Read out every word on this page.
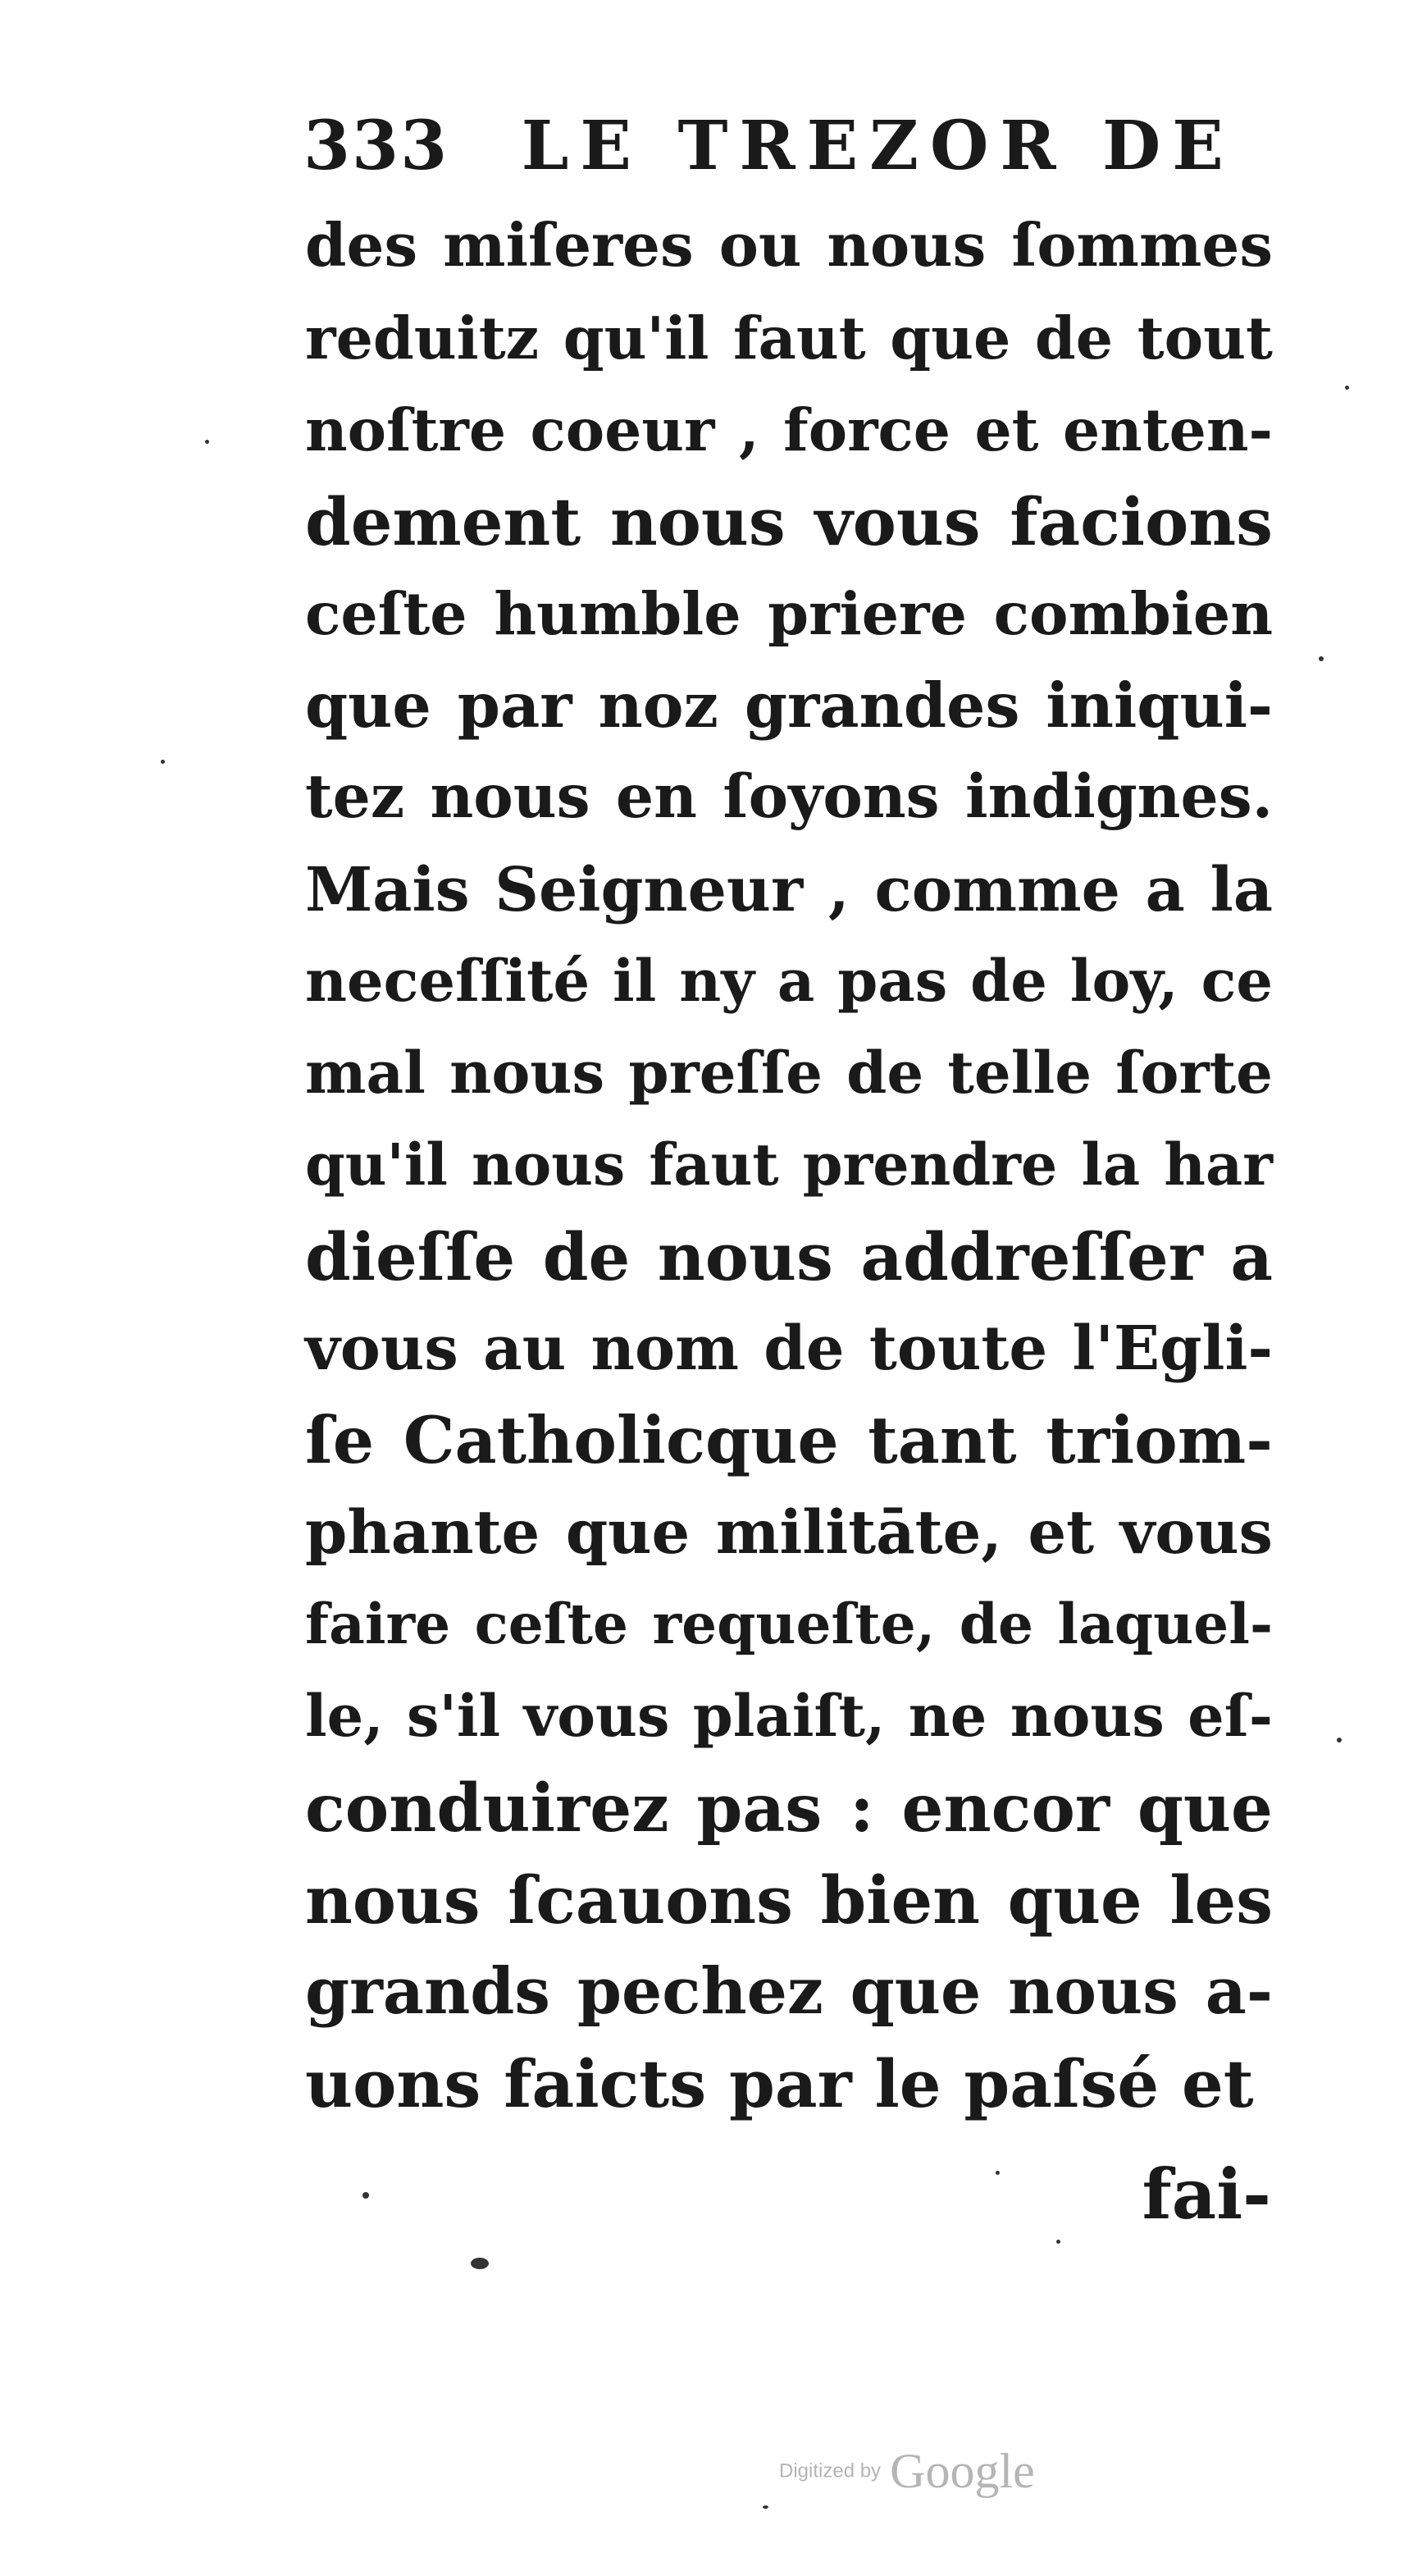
333 LE TREZOR DE
des miſeres ou nous ſommes
reduitz qu'il faut que de tout
noſtre coeur , force et enten-
dement nous vous facions
ceſte humble priere combien
que par noz grandes iniqui-
tez nous en ſoyons indignes.
Mais Seigneur , comme a la
neceſſité il ny a pas de loy, ce
mal nous preſſe de telle ſorte
qu'il nous faut prendre la har
dieſſe de nous addreſſer a
vous au nom de toute l'Egli-
ſe Catholicque tant triom-
phante que militāte, et vous
faire ceſte requeſte, de laquel-
le, s'il vous plaiſt, ne nous eſ-
conduirez pas : encor que
nous ſcauons bien que les
grands pechez que nous a-
uons faicts par le paſsé et
fai-
Digitized by Google
